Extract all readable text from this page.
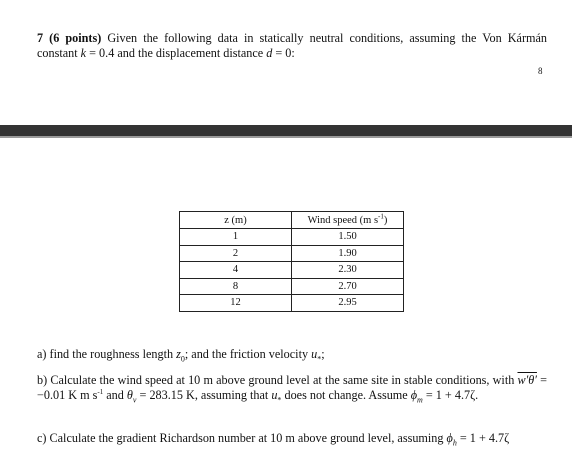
7 (6 points) Given the following data in statically neutral conditions, assuming the Von Kármán constant k = 0.4 and the displacement distance d = 0:
8
z (m)	Wind speed (m $s^{-1}$)
1	1.50
2	1.90
4	2.30
8	2.70
12	2.95
a) find the roughness length $z_0$; and the friction velocity $u_*$;
b) Calculate the wind speed at 10 m above ground level at the same site in stable conditions, with w′θ′ = −0.01 K m $s^{-1}$ and $\theta_v = 283.15$ K, assuming that $u_*$ does not change. Assume $\phi_m = 1 + 4.7\zeta$.
c) Calculate the gradient Richardson number at 10 m above ground level, assuming $\phi_h = 1 + 4.7\zeta$
